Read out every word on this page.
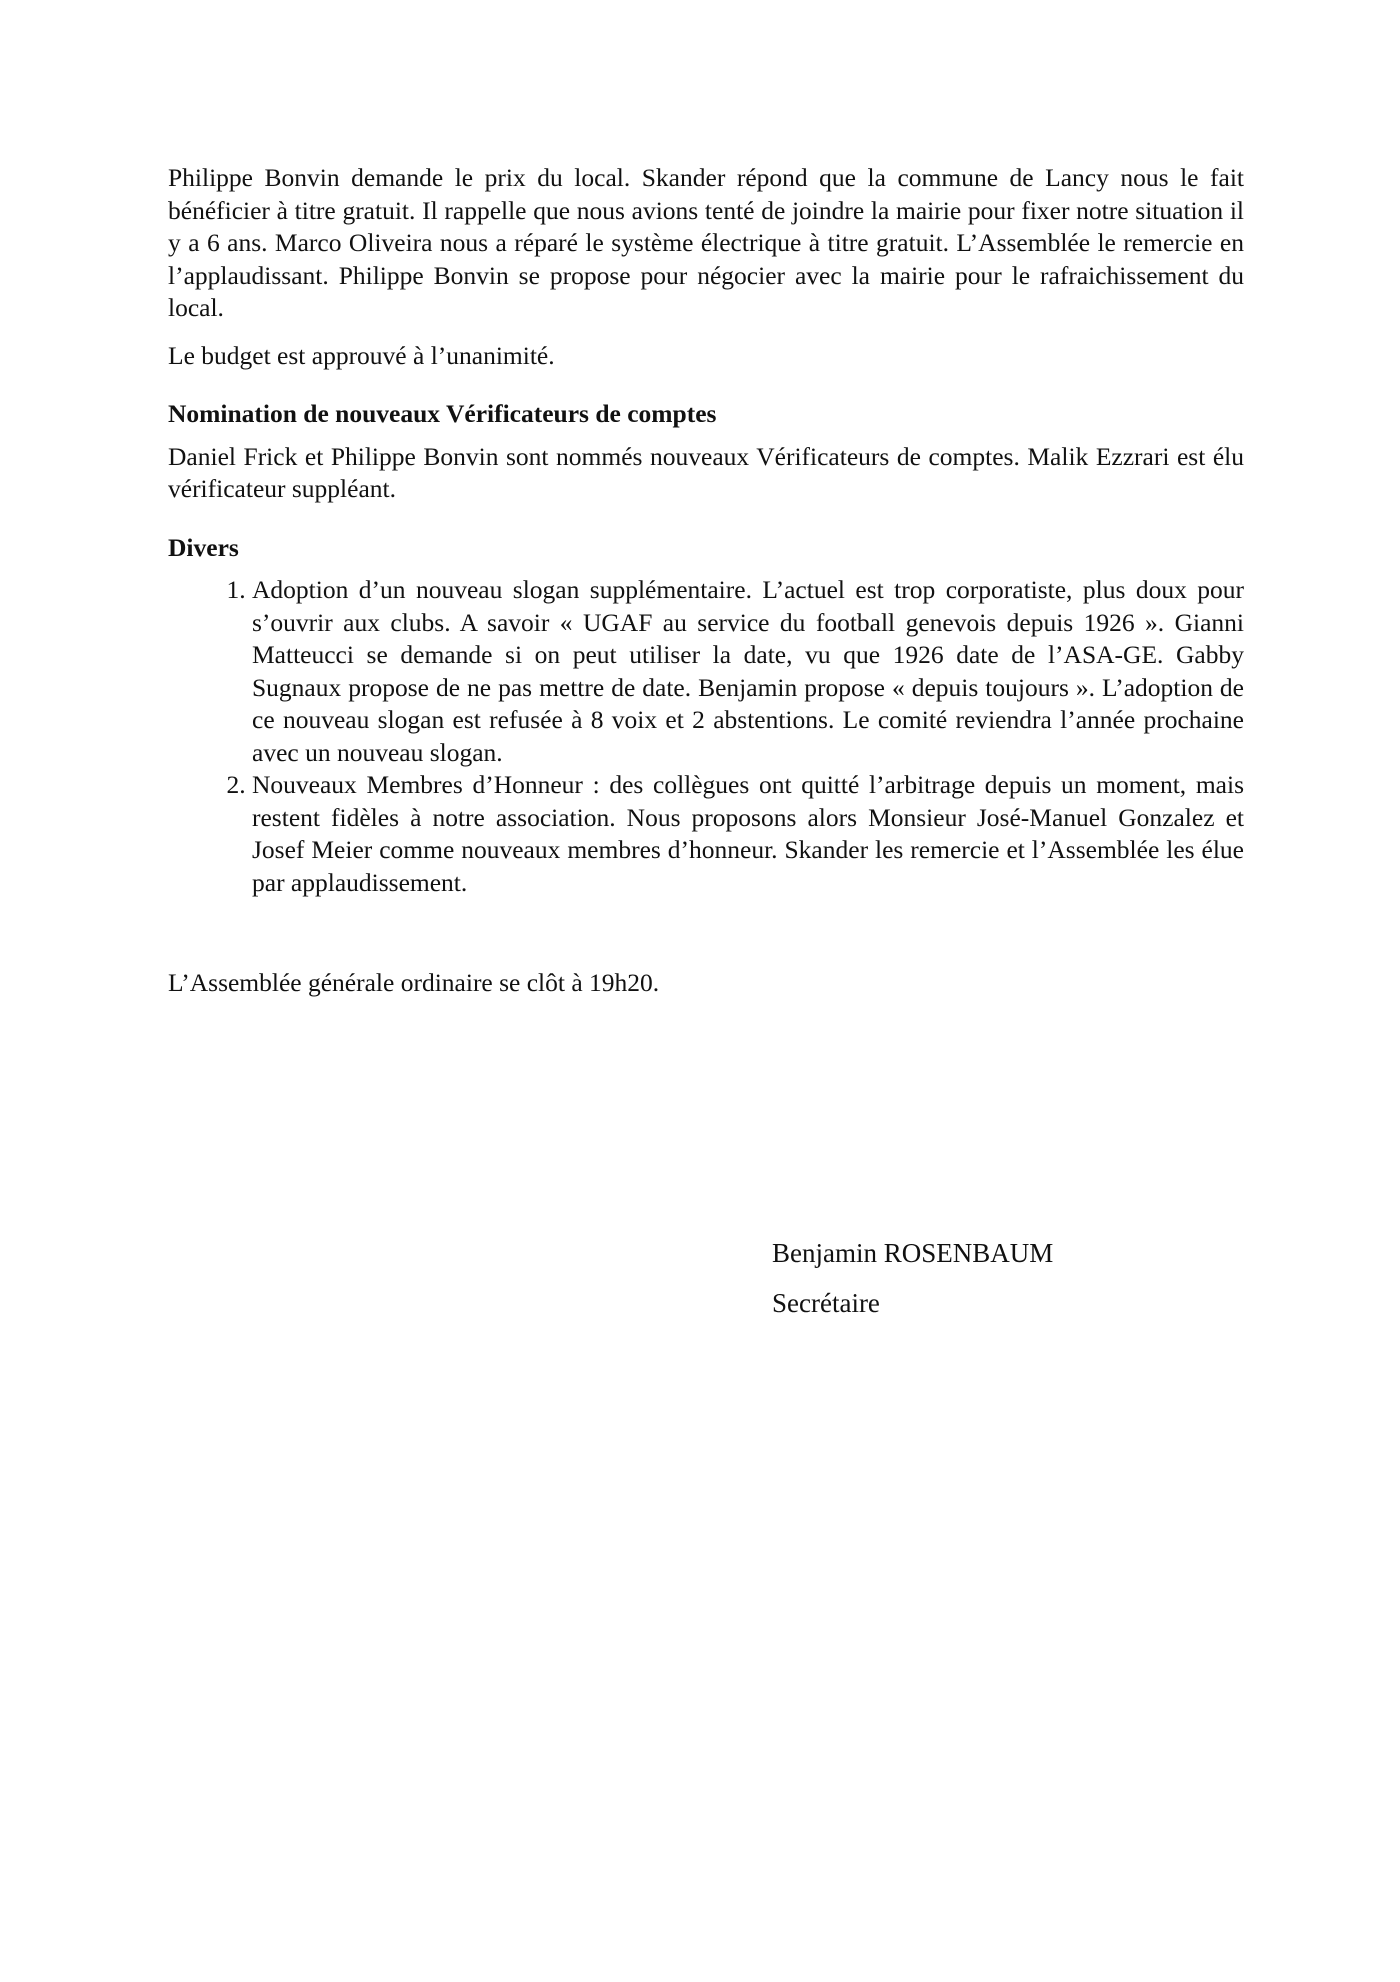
Philippe Bonvin demande le prix du local. Skander répond que la commune de Lancy nous le fait bénéficier à titre gratuit. Il rappelle que nous avions tenté de joindre la mairie pour fixer notre situation il y a 6 ans. Marco Oliveira nous a réparé le système électrique à titre gratuit. L’Assemblée le remercie en l’applaudissant. Philippe Bonvin se propose pour négocier avec la mairie pour le rafraichissement du local.

Le budget est approuvé à l’unanimité.

Nomination de nouveaux Vérificateurs de comptes

Daniel Frick et Philippe Bonvin sont nommés nouveaux Vérificateurs de comptes. Malik Ezzrari est élu vérificateur suppléant.

Divers

1. Adoption d’un nouveau slogan supplémentaire. L’actuel est trop corporatiste, plus doux pour s’ouvrir aux clubs. A savoir « UGAF au service du football genevois depuis 1926 ». Gianni Matteucci se demande si on peut utiliser la date, vu que 1926 date de l’ASA-GE. Gabby Sugnaux propose de ne pas mettre de date. Benjamin propose « depuis toujours ». L’adoption de ce nouveau slogan est refusée à 8 voix et 2 abstentions. Le comité reviendra l’année prochaine avec un nouveau slogan.
2. Nouveaux Membres d’Honneur : des collègues ont quitté l’arbitrage depuis un moment, mais restent fidèles à notre association. Nous proposons alors Monsieur José-Manuel Gonzalez et Josef Meier comme nouveaux membres d’honneur. Skander les remercie et l’Assemblée les élue par applaudissement.

L’Assemblée générale ordinaire se clôt à 19h20.

Benjamin ROSENBAUM
Secrétaire
